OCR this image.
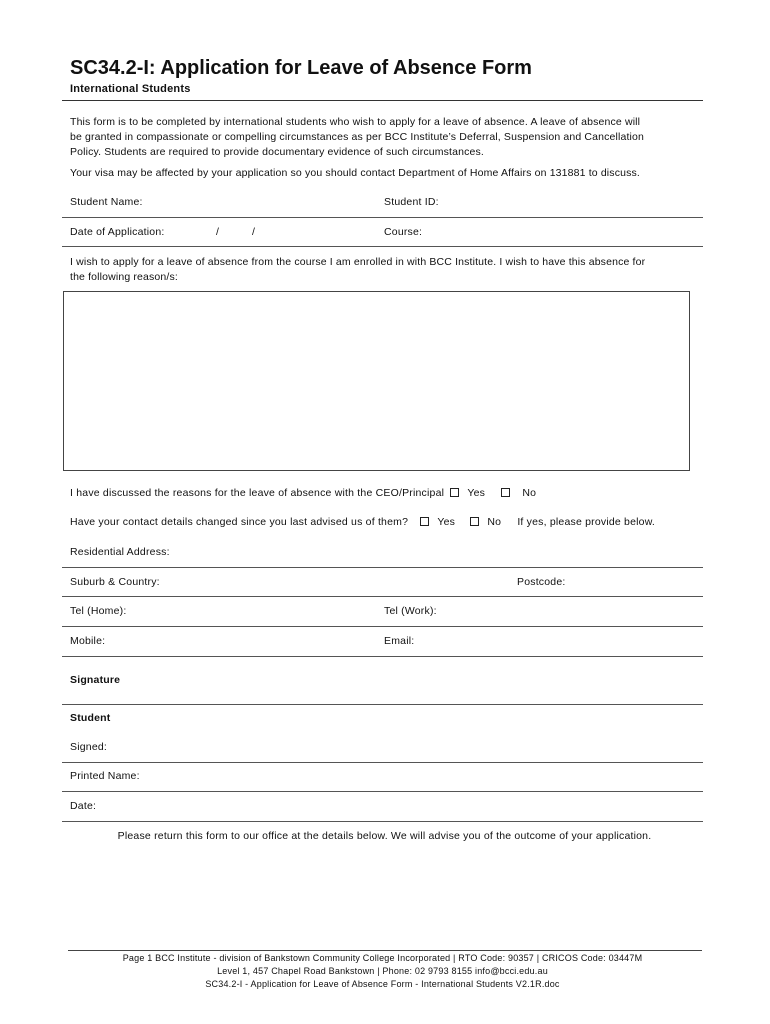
SC34.2-I: Application for Leave of Absence Form
International Students
This form is to be completed by international students who wish to apply for a leave of absence. A leave of absence will
be granted in compassionate or compelling circumstances as per BCC Institute’s Deferral, Suspension and Cancellation
Policy. Students are required to provide documentary evidence of such circumstances.
Your visa may be affected by your application so you should contact Department of Home Affairs on 131881 to discuss.
Student Name:	Student ID:
Date of Application:	/	/	Course:
I wish to apply for a leave of absence from the course I am enrolled in with BCC Institute. I wish to have this absence for
the following reason/s:
I have discussed the reasons for the leave of absence with the CEO/Principal Yes	No
Have your contact details changed since you last advised us of them?	Yes	No If yes, please provide below.
Residential Address:
Suburb & Country:	Postcode:
Tel (Home):	Tel (Work):
Mobile:	Email:
Signature
Student
Signed:
Printed Name:
Date:
Please return this form to our office at the details below. We will advise you of the outcome of your application.
Page 1 BCC Institute - division of Bankstown Community College Incorporated | RTO Code: 90357 | CRICOS Code: 03447M
Level 1, 457 Chapel Road Bankstown | Phone: 02 9793 8155 info@bcci.edu.au
SC34.2-I - Application for Leave of Absence Form - International Students V2.1R.doc
